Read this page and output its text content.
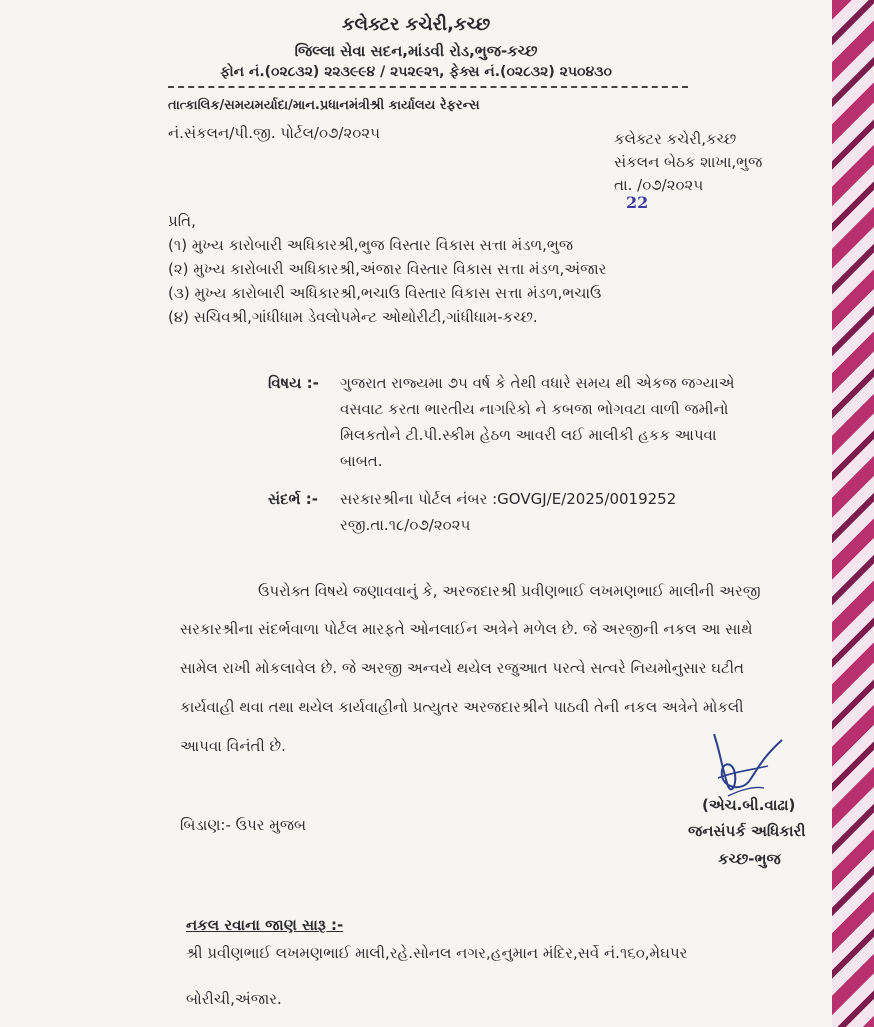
કલેક્ટર કચેરી,કચ્છ
જિલ્લા સેવા સદન,માંડવી રોડ,ભુજ-કચ્છ
ફોન નં.(૦૨૮૩૨) ૨૨૩૯૯૪ / ૨૫૨૯૨૧, ફેક્સ નં.(૦૨૮૩૨) ૨૫૦૪૩૦
તાત્કાલિક/સમયમર્યાદા/માન.પ્રધાનમંત્રીશ્રી કાર્યાલય રેફરન્સ
નં.સંકલન/પી.જી. પોર્ટલ/૦૭/૨૦૨૫	કલેક્ટર કચેરી,કચ્છ
સંકલન બેઠક શાખા,ભુજ
તા. /૦૭/૨૦૨૫
22
પ્રતિ,
(૧) મુખ્ય કારોબારી અધિકારશ્રી,ભુજ વિસ્તાર વિકાસ સત્તા મંડળ,ભુજ
(૨) મુખ્ય કારોબારી અધિકારશ્રી,અંજાર વિસ્તાર વિકાસ સત્તા મંડળ,અંજાર
(૩) મુખ્ય કારોબારી અધિકારશ્રી,ભચાઉ વિસ્તાર વિકાસ સત્તા મંડળ,ભચાઉ
(૪) સચિવશ્રી,ગાંધીધામ ડેવલોપમેન્ટ ઓથોરીટી,ગાંધીધામ-કચ્છ.
વિષય :- ગુજરાત રાજ્યમા ૭૫ વર્ષ કે તેથી વધારે સમય થી એકજ જગ્યાએ
વસવાટ કરતા ભારતીય નાગરિકો ને કબજા ભોગવટા વાળી જમીનો
મિલકતોને ટી.પી.સ્કીમ હેઠળ આવરી લઈ માલીકી હકક આપવા
બાબત.
સંદર્ભ :- સરકારશ્રીના પોર્ટલ નંબર :GOVGJ/E/2025/0019252
રજી.તા.૧૮/૦૭/૨૦૨૫
ઉપરોક્ત વિષયે જણાવવાનું કે, અરજદારશ્રી પ્રવીણભાઈ લખમણભાઈ માલીની અરજી
સરકારશ્રીના સંદર્ભવાળા પોર્ટલ મારફતે ઓનલાઈન અત્રેને મળેલ છે. જે અરજીની નકલ આ સાથે
સામેલ રાખી મોકલાવેલ છે. જે અરજી અન્વયે થયેલ રજુઆત પરત્વે સત્વરે નિયમોનુસાર ઘટીત
કાર્યવાહી થવા તથા થયેલ કાર્યવાહીનો પ્રત્યુતર અરજદારશ્રીને પાઠવી તેની નકલ અત્રેને મોકલી
આપવા વિનંતી છે.
(એચ.બી.વાઢા)
જનસંપર્ક અધિકારી
કચ્છ-ભુજ
બિડાણ:- ઉપર મુજબ
નકલ રવાના જાણ સારૂ :-
શ્રી પ્રવીણભાઈ લખમણભાઈ માલી,રહે.સોનલ નગર,હનુમાન મંદિર,સર્વે નં.૧૬૦,મેઘપર
બોરીચી,અંજાર.
